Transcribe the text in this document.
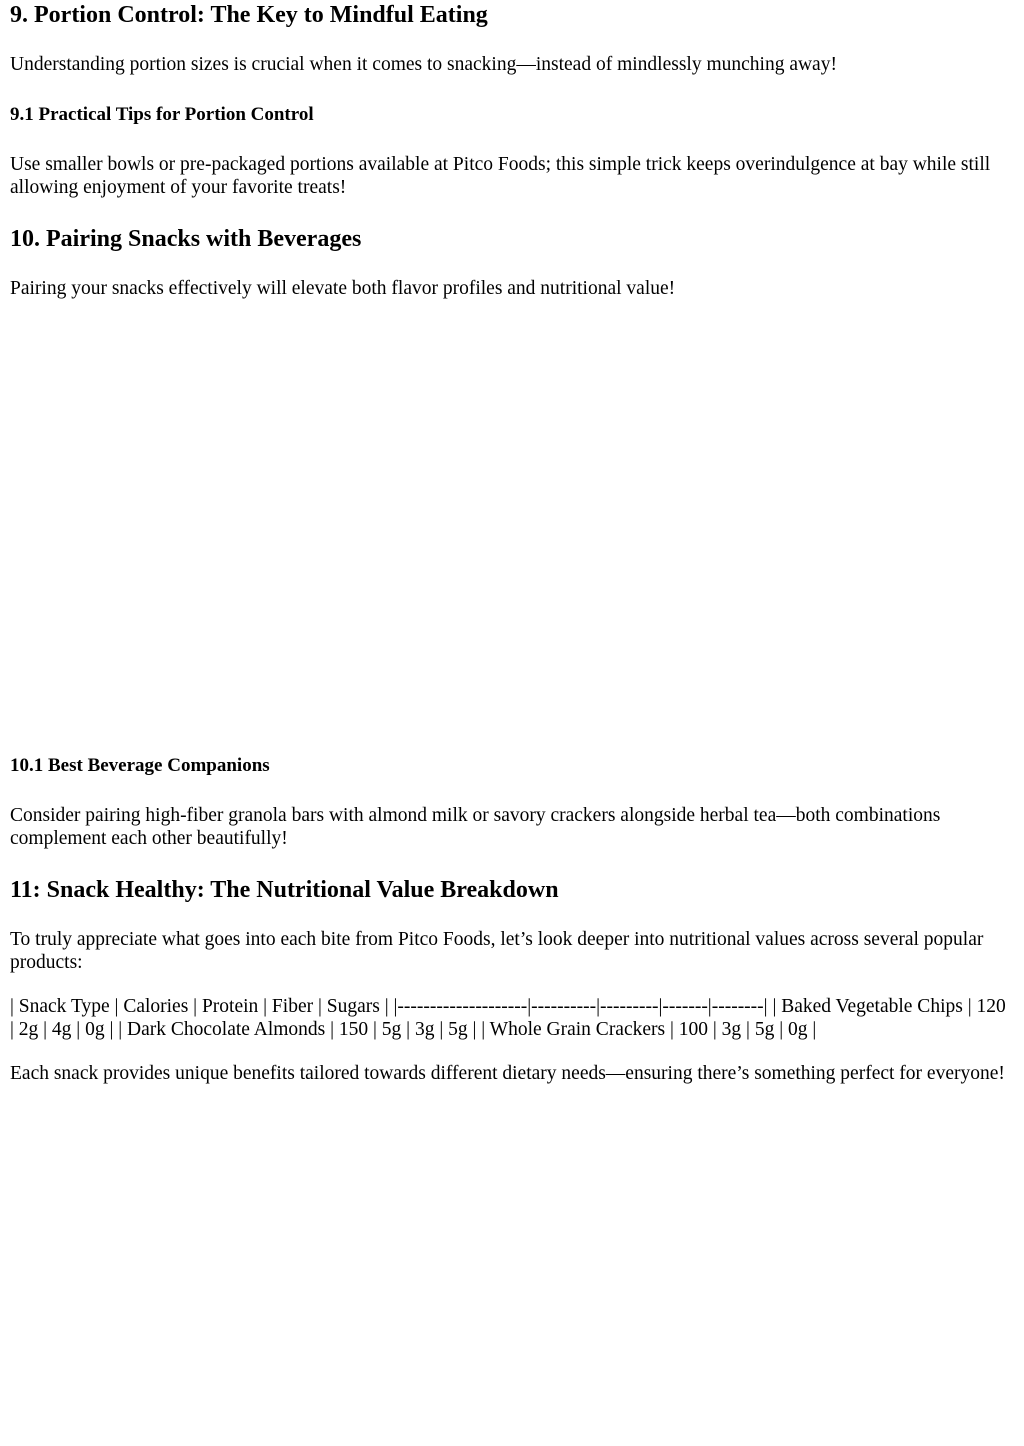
9. Portion Control: The Key to Mindful Eating

Understanding portion sizes is crucial when it comes to snacking—instead of mindlessly munching away!

9.1 Practical Tips for Portion Control

Use smaller bowls or pre-packaged portions available at Pitco Foods; this simple trick keeps overindulgence at bay while still allowing enjoyment of your favorite treats!

10. Pairing Snacks with Beverages

Pairing your snacks effectively will elevate both flavor profiles and nutritional value!

10.1 Best Beverage Companions

Consider pairing high-fiber granola bars with almond milk or savory crackers alongside herbal tea—both combinations complement each other beautifully!

11: Snack Healthy: The Nutritional Value Breakdown

To truly appreciate what goes into each bite from Pitco Foods, let’s look deeper into nutritional values across several popular products:

| Snack Type | Calories | Protein | Fiber | Sugars | |--------------------|----------|---------|-------|--------| | Baked Vegetable Chips | 120 | 2g | 4g | 0g | | Dark Chocolate Almonds | 150 | 5g | 3g | 5g | | Whole Grain Crackers | 100 | 3g | 5g | 0g |

Each snack provides unique benefits tailored towards different dietary needs—ensuring there’s something perfect for everyone!
